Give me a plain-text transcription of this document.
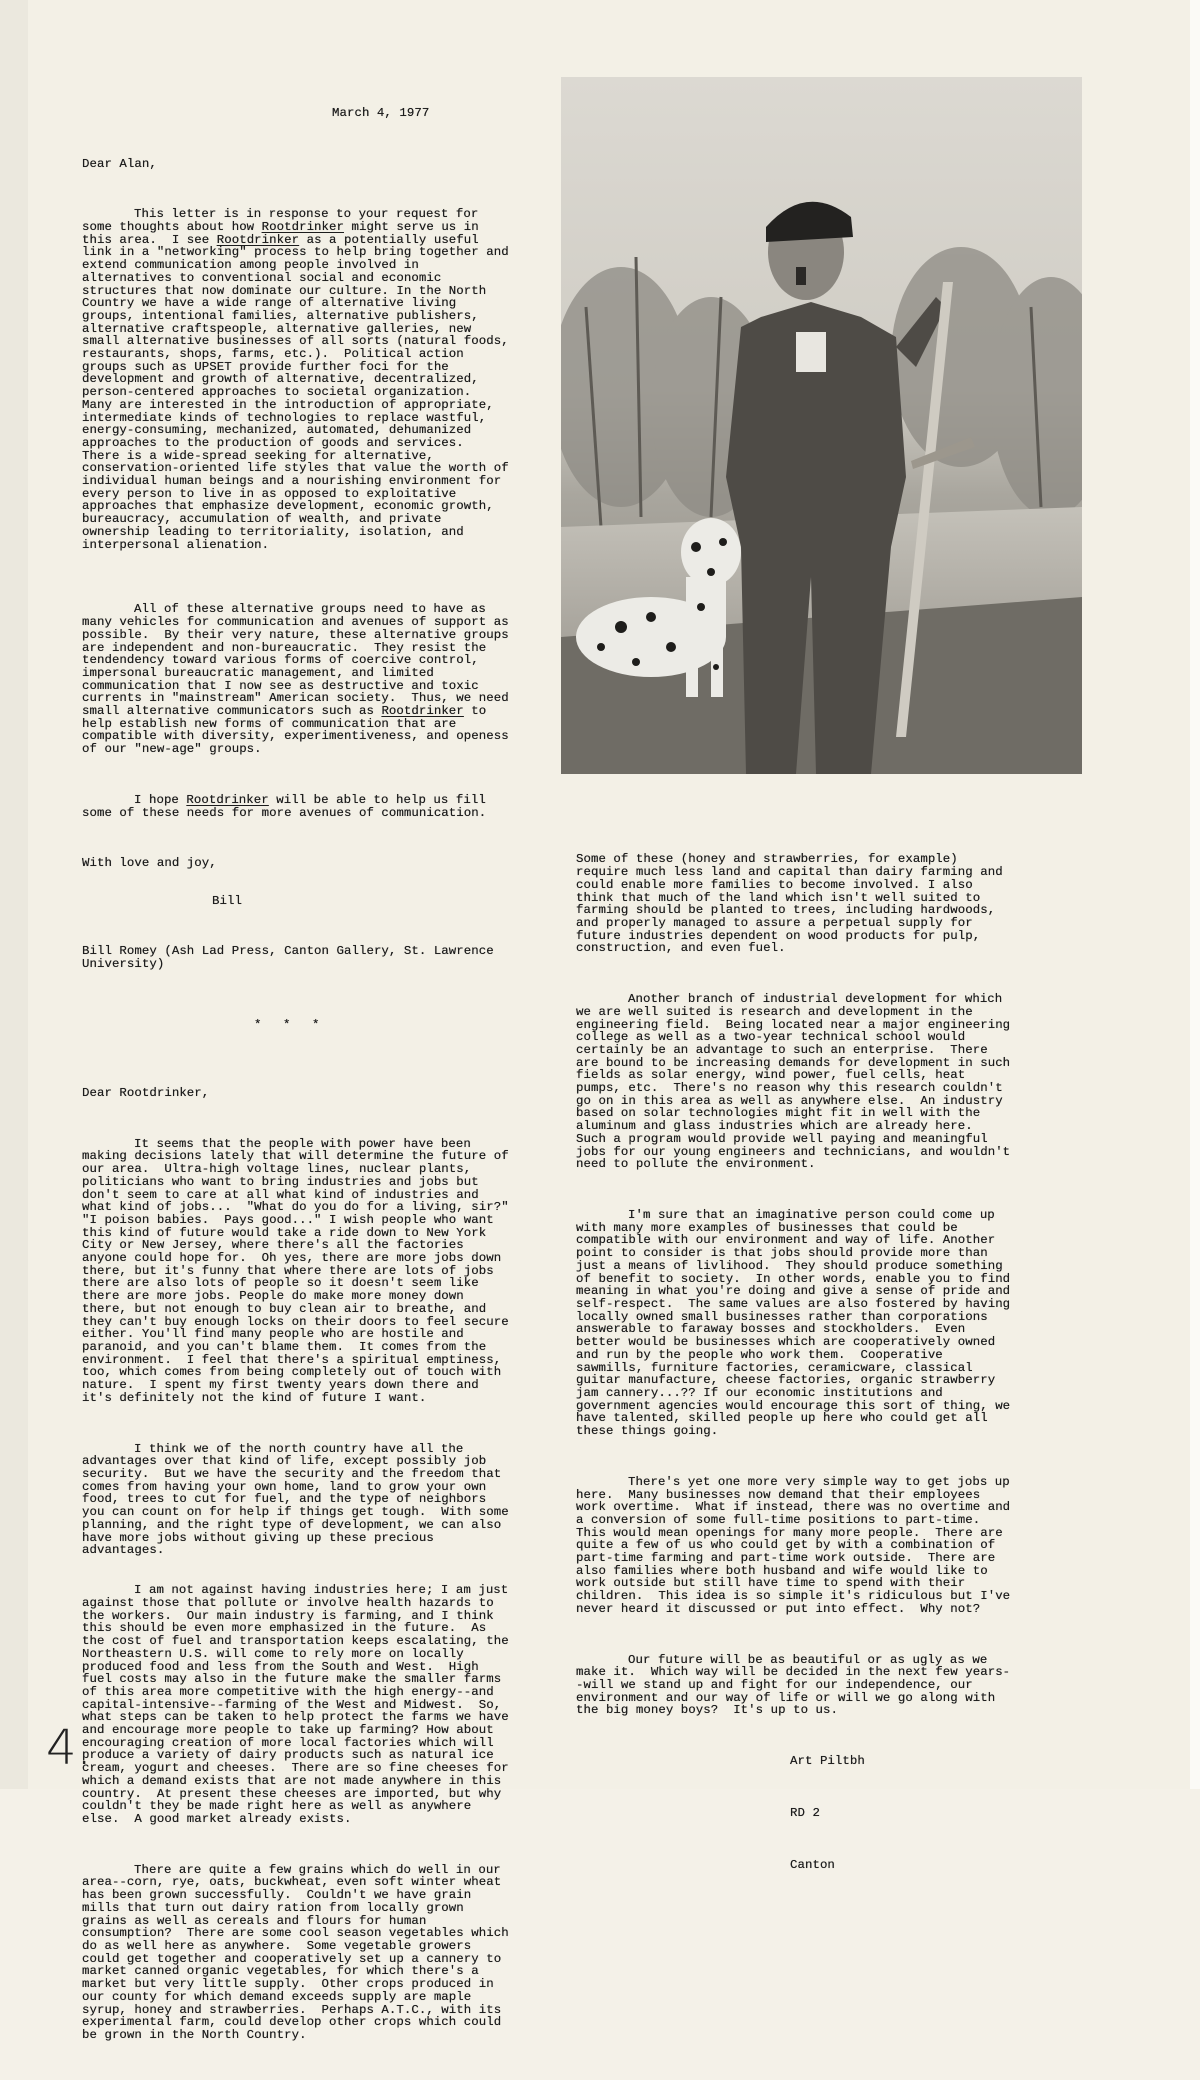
March 4, 1977

Dear Alan,

This letter is in response to your request for some thoughts about how Rootdrinker might serve us in this area.  I see Rootdrinker as a potentially useful link in a "networking" process to help bring together and extend communication among people involved in alternatives to conventional social and economic structures that now dominate our culture. In the North Country we have a wide range of alternative living groups, intentional families, alternative publishers, alternative craftspeople, alternative galleries, new small alternative businesses of all sorts (natural foods, restaurants, shops, farms, etc.).  Political action groups such as UPSET provide further foci for the development and growth of alternative, decentralized, person-centered approaches to societal organization.  Many are interested in the introduction of appropriate, intermediate kinds of technologies to replace wastful, energy-consuming, mechanized, automated, dehumanized approaches to the production of goods and services.  There is a wide-spread seeking for alternative, conservation-oriented life styles that value the worth of individual human beings and a nourishing environment for every person to live in as opposed to exploitative approaches that emphasize development, economic growth, bureaucracy, accumulation of wealth, and private ownership leading to territoriality, isolation, and interpersonal alienation.

All of these alternative groups need to have as many vehicles for communication and avenues of support as possible.  By their very nature, these alternative groups are independent and non-bureaucratic.  They resist the tendendency toward various forms of coercive control, impersonal bureaucratic management, and limited communication that I now see as destructive and toxic currents in "mainstream" American society.  Thus, we need small alternative communicators such as Rootdrinker to help establish new forms of communication that are compatible with diversity, experimentiveness, and openess of our "new-age" groups.

I hope Rootdrinker will be able to help us fill some of these needs for more avenues of communication.

With love and joy,

Bill

Bill Romey (Ash Lad Press, Canton Gallery, St. Lawrence University)

* * *

Dear Rootdrinker,

It seems that the people with power have been making decisions lately that will determine the future of our area.  Ultra-high voltage lines, nuclear plants, politicians who want to bring industries and jobs but don't seem to care at all what kind of industries and what kind of jobs...  "What do you do for a living, sir?"  "I poison babies.  Pays good..." I wish people who want this kind of future would take a ride down to New York City or New Jersey, where there's all the factories anyone could hope for.  Oh yes, there are more jobs down there, but it's funny that where there are lots of jobs there are also lots of people so it doesn't seem like there are more jobs. People do make more money down there, but not enough to buy clean air to breathe, and they can't buy enough locks on their doors to feel secure either. You'll find many people who are hostile and paranoid, and you can't blame them.  It comes from the environment.  I feel that there's a spiritual emptiness, too, which comes from being completely out of touch with nature.  I spent my first twenty years down there and it's definitely not the kind of future I want.

I think we of the north country have all the advantages over that kind of life, except possibly job security.  But we have the security and the freedom that comes from having your own home, land to grow your own food, trees to cut for fuel, and the type of neighbors you can count on for help if things get tough.  With some planning, and the right type of development, we can also have more jobs without giving up these precious advantages.

I am not against having industries here; I am just against those that pollute or involve health hazards to the workers.  Our main industry is farming, and I think this should be even more emphasized in the future.  As the cost of fuel and transportation keeps escalating, the Northeastern U.S. will come to rely more on locally produced food and less from the South and West.  High fuel costs may also in the future make the smaller farms of this area more competitive with the high energy--and capital-intensive--farming of the West and Midwest.  So, what steps can be taken to help protect the farms we have and encourage more people to take up farming? How about encouraging creation of more local factories which will produce a variety of dairy products such as natural ice cream, yogurt and cheeses.  There are so fine cheeses for which a demand exists that are not made anywhere in this country.  At present these cheeses are imported, but why couldn't they be made right here as well as anywhere else.  A good market already exists.

There are quite a few grains which do well in our area--corn, rye, oats, buckwheat, even soft winter wheat has been grown successfully.  Couldn't we have grain mills that turn out dairy ration from locally grown grains as well as cereals and flours for human consumption?  There are some cool season vegetables which do as well here as anywhere.  Some vegetable growers could get together and cooperatively set up a cannery to market canned organic vegetables, for which there's a market but very little supply.  Other crops produced in our county for which demand exceeds supply are maple syrup, honey and strawberries.  Perhaps A.T.C., with its experimental farm, could develop other crops which could be grown in the North Country.

Some of these (honey and strawberries, for example) require much less land and capital than dairy farming and could enable more families to become involved. I also think that much of the land which isn't well suited to farming should be planted to trees, including hardwoods, and properly managed to assure a perpetual supply for future industries dependent on wood products for pulp, construction, and even fuel.

Another branch of industrial development for which we are well suited is research and development in the engineering field.  Being located near a major engineering college as well as a two-year technical school would certainly be an advantage to such an enterprise.  There are bound to be increasing demands for development in such fields as solar energy, wind power, fuel cells, heat pumps, etc.  There's no reason why this research couldn't go on in this area as well as anywhere else.  An industry based on solar technologies might fit in well with the aluminum and glass industries which are already here.  Such a program would provide well paying and meaningful jobs for our young engineers and technicians, and wouldn't need to pollute the environment.

I'm sure that an imaginative person could come up with many more examples of businesses that could be compatible with our environment and way of life. Another point to consider is that jobs should provide more than just a means of livlihood.  They should produce something of benefit to society.  In other words, enable you to find meaning in what you're doing and give a sense of pride and self-respect.  The same values are also fostered by having locally owned small businesses rather than corporations answerable to faraway bosses and stockholders.  Even better would be businesses which are cooperatively owned and run by the people who work them.  Cooperative sawmills, furniture factories, ceramicware, classical guitar manufacture, cheese factories, organic strawberry jam cannery...?? If our economic institutions and government agencies would encourage this sort of thing, we have talented, skilled people up here who could get all these things going.

There's yet one more very simple way to get jobs up here.  Many businesses now demand that their employees work overtime.  What if instead, there was no overtime and a conversion of some full-time positions to part-time.  This would mean openings for many more people.  There are quite a few of us who could get by with a combination of part-time farming and part-time work outside.  There are also families where both husband and wife would like to work outside but still have time to spend with their children.  This idea is so simple it's ridiculous but I've never heard it discussed or put into effect.  Why not?

Our future will be as beautiful or as ugly as we make it.  Which way will be decided in the next few years--will we stand up and fight for our independence, our environment and our way of life or will we go along with the big money boys?  It's up to us.

Art Piltbh

RD 2

Canton

4.
